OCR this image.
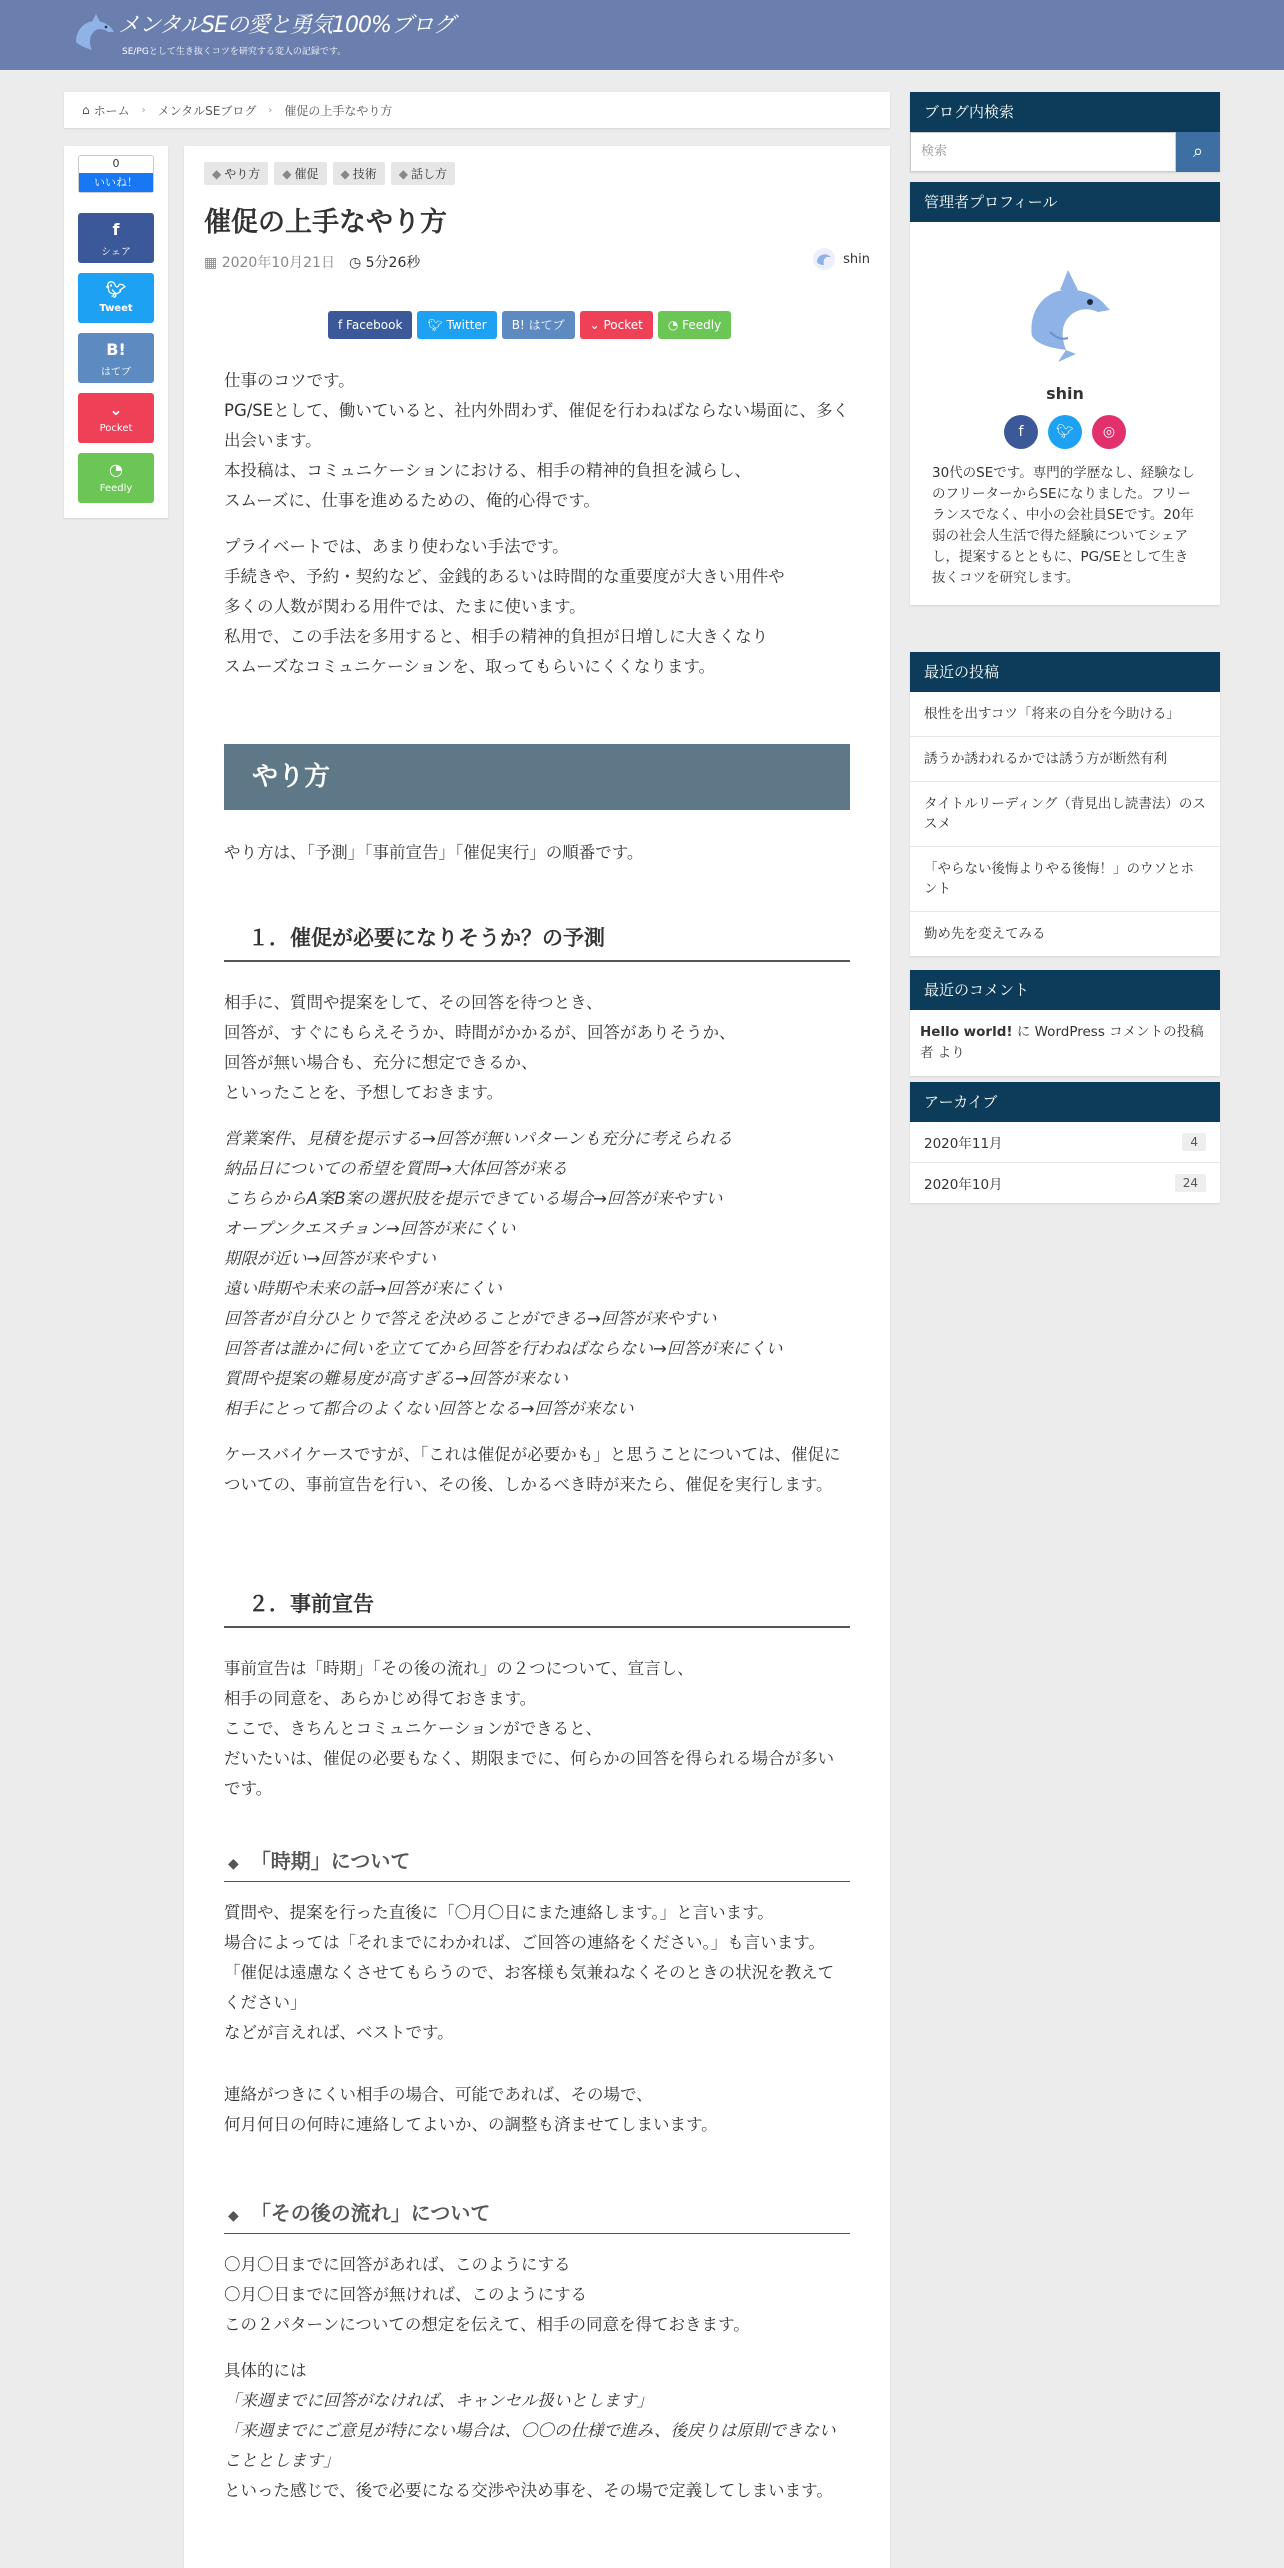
メンタルSEの愛と勇気100%ブログ
SE/PGとして生き抜くコツを研究する変人の記録です。
⌂ ホーム › メンタルSEブログ › 催促の上手なやり方
0
いいね！
f
シェア
🐦︎
Tweet
B!
はてブ
⌄
Pocket
◔
Feedly
◆ やり方	◆ 催促	◆ 技術	◆ 話し方
催促の上手なやり方
▦ 2020年10月21日 ◷ 5分26秒	shin
f Facebook	🐦︎ Twitter	B! はてブ	⌄ Pocket	◔ Feedly

仕事のコツです。

PG/SEとして、働いていると、社内外問わず、催促を行わねばならない場面に、多く出会います。

本投稿は、コミュニケーションにおける、相手の精神的負担を減らし、

スムーズに、仕事を進めるための、俺的心得です。

プライベートでは、あまり使わない手法です。

手続きや、予約・契約など、金銭的あるいは時間的な重要度が大きい用件や

多くの人数が関わる用件では、たまに使います。

私用で、この手法を多用すると、相手の精神的負担が日増しに大きくなり

スムーズなコミュニケーションを、取ってもらいにくくなります。

やり方
やり方は、「予測」「事前宣告」「催促実行」の順番です。
１．催促が必要になりそうか？の予測

相手に、質問や提案をして、その回答を待つとき、

回答が、すぐにもらえそうか、時間がかかるが、回答がありそうか、

回答が無い場合も、充分に想定できるか、

といったことを、予想しておきます。

営業案件、見積を提示する→回答が無いパターンも充分に考えられる

納品日についての希望を質問→大体回答が来る

こちらからA案B案の選択肢を提示できている場合→回答が来やすい

オープンクエスチョン→回答が来にくい

期限が近い→回答が来やすい

遠い時期や未来の話→回答が来にくい

回答者が自分ひとりで答えを決めることができる→回答が来やすい

回答者は誰かに伺いを立ててから回答を行わねばならない→回答が来にくい

質問や提案の難易度が高すぎる→回答が来ない

相手にとって都合のよくない回答となる→回答が来ない

ケースバイケースですが、「これは催促が必要かも」と思うことについては、催促についての、事前宣告を行い、その後、しかるべき時が来たら、催促を実行します。
２．事前宣告

事前宣告は「時期」「その後の流れ」の２つについて、宣言し、

相手の同意を、あらかじめ得ておきます。

ここで、きちんとコミュニケーションができると、

だいたいは、催促の必要もなく、期限までに、何らかの回答を得られる場合が多いです。

◆ 「時期」について

質問や、提案を行った直後に「〇月〇日にまた連絡します。」と言います。

場合によっては「それまでにわかれば、ご回答の連絡をください。」も言います。

「催促は遠慮なくさせてもらうので、お客様も気兼ねなくそのときの状況を教えてください」

などが言えれば、ベストです。

連絡がつきにくい相手の場合、可能であれば、その場で、

何月何日の何時に連絡してよいか、の調整も済ませてしまいます。

◆ 「その後の流れ」について

〇月〇日までに回答があれば、このようにする

〇月〇日までに回答が無ければ、このようにする

この２パターンについての想定を伝えて、相手の同意を得ておきます。

具体的には

「来週までに回答がなければ、キャンセル扱いとします」

「来週までにご意見が特にない場合は、〇〇の仕様で進み、後戻りは原則できないこととします」

といった感じで、後で必要になる交渉や決め事を、その場で定義してしまいます。

ブログ内検索
検索	⌕
管理者プロフィール
shin
f	🐦︎	◎
30代のSEです。専門的学歴なし、経験なしのフリーターからSEになりました。フリーランスでなく、中小の会社員SEです。20年弱の社会人生活で得た経験についてシェアし，提案するとともに、PG/SEとして生き抜くコツを研究します。
最近の投稿
根性を出すコツ「将来の自分を今助ける」
誘うか誘われるかでは誘う方が断然有利
タイトルリーディング（背見出し読書法）のススメ
「やらない後悔よりやる後悔！」のウソとホント
勤め先を変えてみる
最近のコメント
Hello world! に WordPress コメントの投稿者 より
アーカイブ
2020年11月	4
2020年10月	24
